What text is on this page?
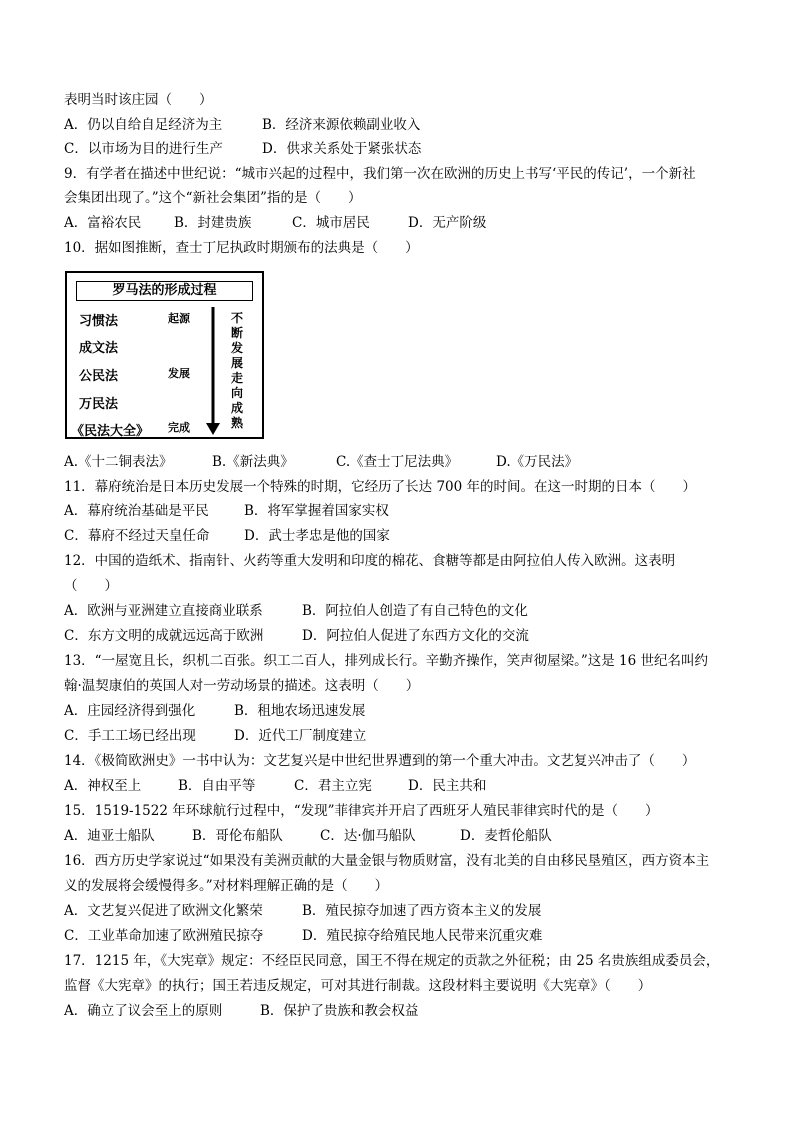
表明当时该庄园（　　）
A．仍以自给自足经济为主	B．经济来源依赖副业收入
C．以市场为目的进行生产	D．供求关系处于紧张状态
9．有学者在描述中世纪说：“城市兴起的过程中，我们第一次在欧洲的历史上书写‘平民的传记’，一个新社
会集团出现了。”这个“新社会集团”指的是（　　）
A．富裕农民 B．封建贵族	C．城市居民	D．无产阶级
10．据如图推断，查士丁尼执政时期颁布的法典是（　　）
罗马法的形成过程
习惯法
成文法
公民法
万民法
《民法大全》
起源
发展
完成
不断发展走向成熟
A.《十二铜表法》	B.《新法典》	C.《查士丁尼法典》	D.《万民法》
11．幕府统治是日本历史发展一个特殊的时期，它经历了长达 700 年的时间。在这一时期的日本（　　）
A．幕府统治基础是平民	B．将军掌握着国家实权
C．幕府不经过天皇任命	D．武士孝忠是他的国家
12．中国的造纸术、指南针、火药等重大发明和印度的棉花、食糖等都是由阿拉伯人传入欧洲。这表明
（　　）
A．欧洲与亚洲建立直接商业联系	B．阿拉伯人创造了有自己特色的文化
C．东方文明的成就远远高于欧洲	D．阿拉伯人促进了东西方文化的交流
13．“一屋宽且长，织机二百张。织工二百人，排列成长行。辛勤齐操作，笑声彻屋梁。”这是 16 世纪名叫约
翰·温契康伯的英国人对一劳动场景的描述。这表明（　　）
A．庄园经济得到强化	B．租地农场迅速发展
C．手工工场已经出现	D．近代工厂制度建立
14．《极简欧洲史》一书中认为：文艺复兴是中世纪世界遭到的第一个重大冲击。文艺复兴冲击了（　　）
A．神权至上	B．自由平等	C．君主立宪	D．民主共和
15．1519-1522 年环球航行过程中，“发现”菲律宾并开启了西班牙人殖民菲律宾时代的是（　　）
A．迪亚士船队	B．哥伦布船队	C．达·伽马船队	D．麦哲伦船队
16．西方历史学家说过“如果没有美洲贡献的大量金银与物质财富，没有北美的自由移民垦殖区，西方资本主
义的发展将会缓慢得多。”对材料理解正确的是（　　）
A．文艺复兴促进了欧洲文化繁荣	B．殖民掠夺加速了西方资本主义的发展
C．工业革命加速了欧洲殖民掠夺	D．殖民掠夺给殖民地人民带来沉重灾难
17．1215 年，《大宪章》规定：不经臣民同意，国王不得在规定的贡款之外征税；由 25 名贵族组成委员会，
监督《大宪章》的执行；国王若违反规定，可对其进行制裁。这段材料主要说明《大宪章》（　　）
A．确立了议会至上的原则	B．保护了贵族和教会权益
